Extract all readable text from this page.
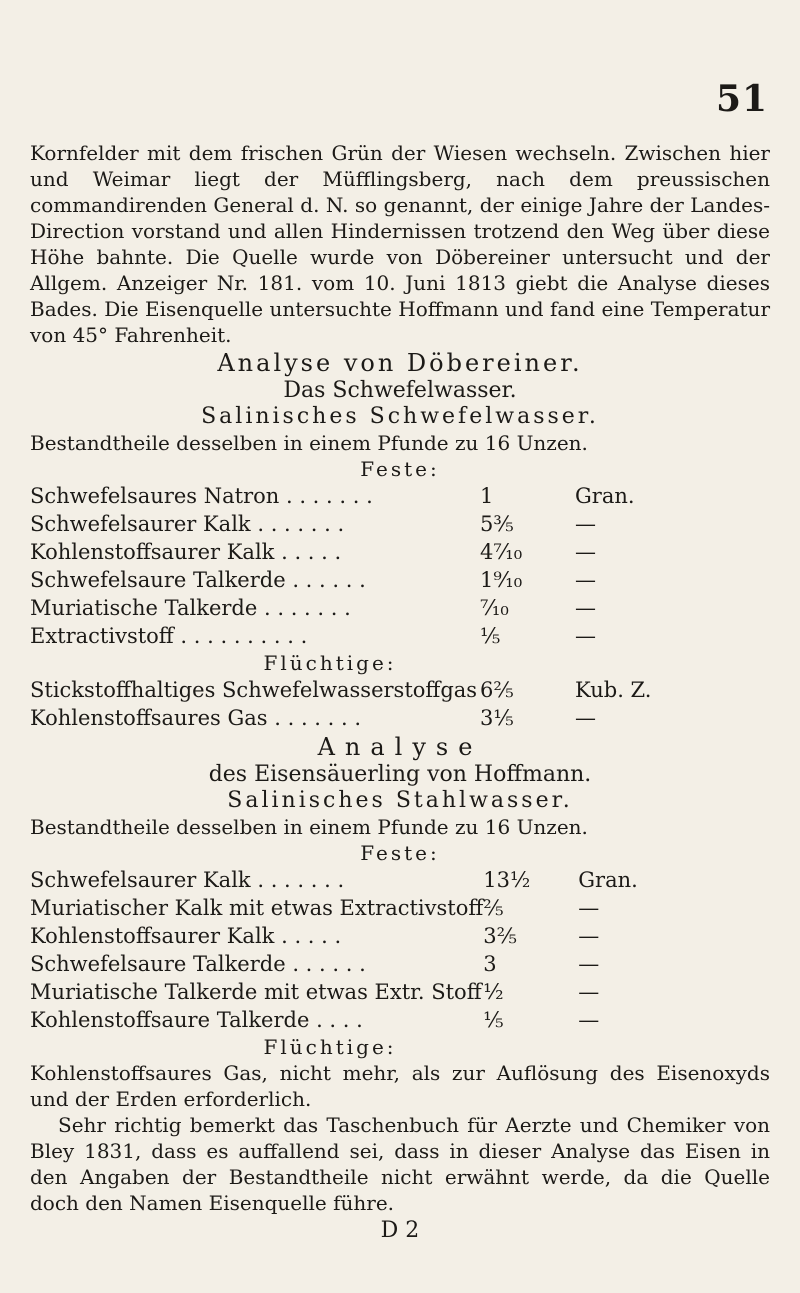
51

Kornfelder mit dem frischen Grün der Wiesen wechseln. Zwischen hier und Weimar liegt der Müfflingsberg, nach dem preussischen commandirenden General d. N. so genannt, der einige Jahre der Landes-Direction vorstand und allen Hindernissen trotzend den Weg über diese Höhe bahnte. Die Quelle wurde von Döbereiner untersucht und der Allgem. Anzeiger Nr. 181. vom 10. Juni 1813 giebt die Analyse dieses Bades. Die Eisenquelle untersuchte Hoffmann und fand eine Temperatur von 45° Fahrenheit.

Analyse von Döbereiner.

Das Schwefelwasser.

Salinisches Schwefelwasser.

Bestandtheile desselben in einem Pfunde zu 16 Unzen.

Feste:

Schwefelsaures Natron . . . . . . .	1	Gran.
Schwefelsaurer Kalk . . . . . . .	5⅗	—
Kohlenstoffsaurer Kalk . . . . .	4⁷⁄₁₀	—
Schwefelsaure Talkerde . . . . . .	1⁹⁄₁₀	—
Muriatische Talkerde . . . . . . .	⁷⁄₁₀	—
Extractivstoff . . . . . . . . . .	⅕	—

Flüchtige:

Stickstoffhaltiges Schwefelwasserstoffgas	6⅖	Kub. Z.
Kohlenstoffsaures Gas . . . . . . .	3⅕	—

Analyse

des Eisensäuerling von Hoffmann.

Salinisches Stahlwasser.

Bestandtheile desselben in einem Pfunde zu 16 Unzen.

Feste:

Schwefelsaurer Kalk . . . . . . .	13½	Gran.
Muriatischer Kalk mit etwas Extractivstoff	⅖	—
Kohlenstoffsaurer Kalk . . . . .	3⅖	—
Schwefelsaure Talkerde . . . . . .	3	—
Muriatische Talkerde mit etwas Extr. Stoff	½	—
Kohlenstoffsaure Talkerde . . . .	⅕	—

Flüchtige:

Kohlenstoffsaures Gas, nicht mehr, als zur Auflösung des Eisenoxyds und der Erden erforderlich.

Sehr richtig bemerkt das Taschenbuch für Aerzte und Chemiker von Bley 1831, dass es auffallend sei, dass in dieser Analyse das Eisen in den Angaben der Bestandtheile nicht erwähnt werde, da die Quelle doch den Namen Eisenquelle führe.

D 2
